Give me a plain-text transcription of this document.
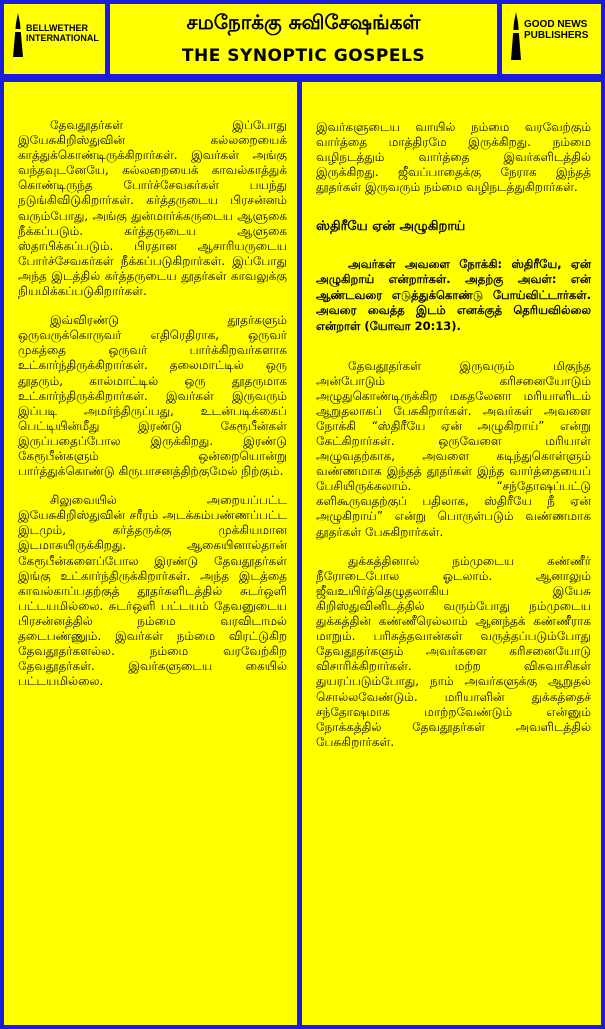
BELLWETHER
INTERNATIONAL
சமநோக்கு சுவிசேஷங்கள்
THE SYNOPTIC GOSPELS
GOOD NEWS
PUBLISHERS

தேவதூதர்கள் இப்போது இயேசுகிறிஸ்துவின் கல்லறையைக் காத்துக்கொண்டிருக்கிறார்கள். இவர்கள் அங்கு வந்தவுடனேயே, கல்லறையைக் காவல்காத்துக் கொண்டிருந்த போர்ச்சேவகர்கள் பயந்து நடுங்கிவிடுகிறார்கள். கர்த்தருடைய பிரசன்னம் வரும்போது, அங்கு துன்மார்க்கருடைய ஆளுகை நீக்கப்படும். கர்த்தருடைய ஆளுகை ஸ்தாபிக்கப்படும். பிரதான ஆசாரியருடைய போர்ச்சேவகர்கள் நீக்கப்படுகிறார்கள். இப்போது அந்த இடத்தில் கர்த்தருடைய தூதர்கள் காவலுக்கு நியமிக்கப்படுகிறார்கள்.

இவ்விரண்டு தூதர்களும் ஒருவருக்கொருவர் எதிரெதிராக, ஒருவர் முகத்தை ஒருவர் பார்க்கிறவர்களாக உட்கார்ந்திருக்கிறார்கள். தலைமாட்டில் ஒரு தூதரும், கால்மாட்டில் ஒரு தூதருமாக உட்கார்ந்திருக்கிறார்கள். இவர்கள் இருவரும் இப்படி அமர்ந்திருப்பது, உடன்படிக்கைப் பெட்டியின்மீது இரண்டு கேரூபீன்கள் இருப்பதைப்போல இருக்கிறது. இரண்டு கேரூபீன்களும் ஒன்றையொன்று பார்த்துக்கொண்டு கிருபாசனத்திற்குமேல் நிற்கும்.

சிலுவையில் அறையப்பட்ட இயேசுகிறிஸ்துவின் சரீரம் அடக்கம்பண்ணப்பட்ட இடமும், கர்த்தருக்கு முக்கியமான இடமாகயிருக்கிறது. ஆகையினால்தான் கேரூபீன்களைப்போல இரண்டு தேவதூதர்கள் இங்கு உட்கார்ந்திருக்கிறார்கள். அந்த இடத்தை காவல்காப்பதற்குத் தூதர்களிடத்தில் சுடர்ஒளி பட்டயமில்லை. சுடர்ஒளி பட்டயம் தேவனுடைய பிரசன்னத்தில் நம்மை வரவிடாமல் தடைபண்ணும். இவர்கள் நம்மை விரட்டுகிற தேவதூதர்களல்ல. நம்மை வரவேற்கிற தேவதூதர்கள். இவர்களுடைய கையில் பட்டயமில்லை.

இவர்களுடைய வாயில் நம்மை வரவேற்கும் வார்த்தை மாத்திரமே இருக்கிறது. நம்மை வழிநடத்தும் வார்த்தை இவர்களிடத்தில் இருக்கிறது. ஜீவப்பாதைக்கு நேராக இந்தத் தூதர்கள் இருவரும் நம்மை வழிநடத்துகிறார்கள்.

ஸ்திரீயே ஏன் அழுகிறாய்

அவர்கள் அவளை நோக்கி: ஸ்திரீயே, ஏன் அழுகிறாய் என்றார்கள். அதற்கு அவள்: என் ஆண்டவரை எடுத்துக்கொண்டு போய்விட்டார்கள். அவரை வைத்த இடம் எனக்குத் தெரியவில்லை என்றாள் (யோவா 20:13).

தேவதூதர்கள் இருவரும் மிகுந்த அன்போடும் கரிசனையோடும் அழுதுகொண்டிருக்கிற மகதலேனா மரியாளிடம் ஆறுதலாகப் பேசுகிறார்கள். அவர்கள் அவளை நோக்கி “ஸ்திரீயே ஏன் அழுகிறாய்” என்று கேட்கிறார்கள். ஒருவேளை மரியாள் அழுவதற்காக, அவளை கடிந்துகொள்ளும் வண்ணமாக இந்தத் தூதர்கள் இந்த வார்த்தையைப் பேசியிருக்கலாம். “சந்தோஷப்பட்டு களிகூருவதற்குப் பதிலாக, ஸ்திரீயே நீ ஏன் அழுகிறாய்” என்று பொருள்படும் வண்ணமாக தூதர்கள் பேசுகிறார்கள்.

துக்கத்தினால் நம்முடைய கண்ணீர் நீரோடைபோல ஓடலாம். ஆனாலும் ஜீவஉயிர்த்தெழுதலாகிய இயேசு கிறிஸ்துவினிடத்தில் வரும்போது நம்முடைய துக்கத்தின் கண்ணீரெல்லாம் ஆனந்தக் கண்ணீராக மாறும். பரிசுத்தவான்கள் வருத்தப்படும்போது தேவதூதர்களும் அவர்களை கரிசனையோடு விசாரிக்கிறார்கள். மற்ற விசுவாசிகள் துயரப்படும்போது, நாம் அவர்களுக்கு ஆறுதல் சொல்லவேண்டும். மரியாளின் துக்கத்தைச் சந்தோஷமாக மாற்றவேண்டும் என்னும் நோக்கத்தில் தேவதூதர்கள் அவளிடத்தில் பேசுகிறார்கள்.
